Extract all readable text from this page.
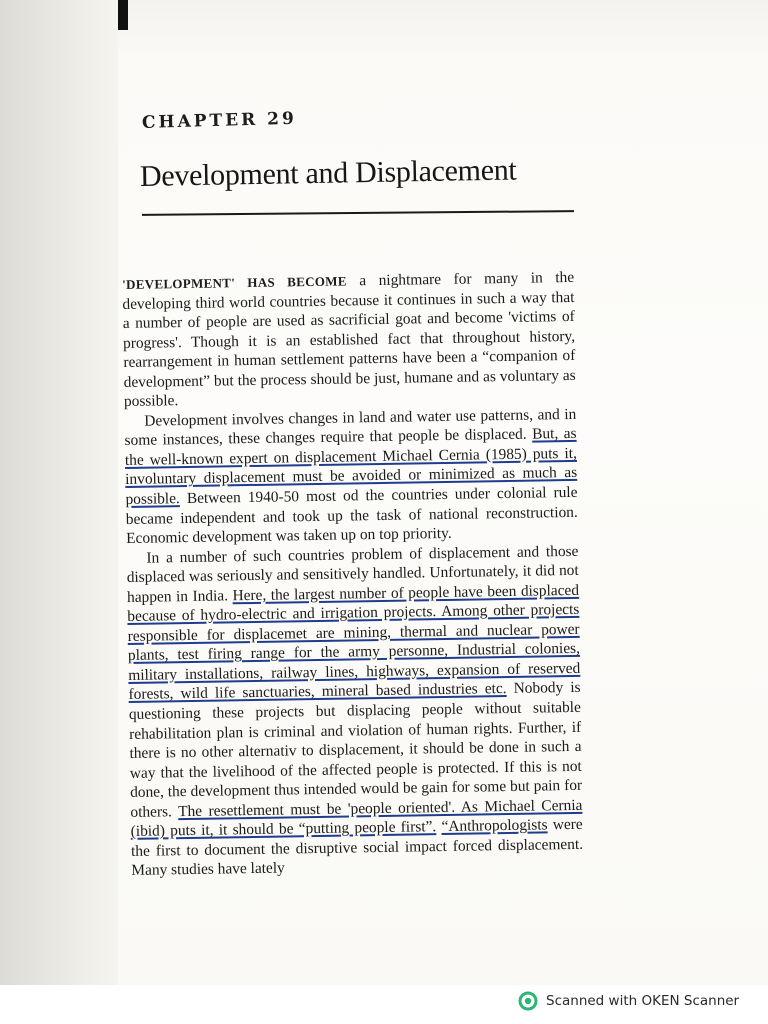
CHAPTER 29
Development and Displacement

'DEVELOPMENT' HAS BECOME a nightmare for many in the developing third world countries because it continues in such a way that a number of people are used as sacrificial goat and become 'victims of progress'. Though it is an established fact that throughout history, rearrangement in human settlement patterns have been a “companion of development” but the process should be just, humane and as voluntary as possible.

Development involves changes in land and water use patterns, and in some instances, these changes require that people be displaced. But, as the well-known expert on displacement Michael Cernia (1985) puts it, involuntary displacement must be avoided or minimized as much as possible. Between 1940-50 most od the countries under colonial rule became independent and took up the task of national reconstruction. Economic development was taken up on top priority.

In a number of such countries problem of displacement and those displaced was seriously and sensitively handled. Unfortunately, it did not happen in India. Here, the largest number of people have been displaced because of hydro-electric and irrigation projects. Among other projects responsible for displacemet are mining, thermal and nuclear power plants, test firing range for the army personne, Industrial colonies, military installations, railway lines, highways, expansion of reserved forests, wild life sanctuaries, mineral based industries etc. Nobody is questioning these projects but displacing people without suitable rehabilitation plan is criminal and violation of human rights. Further, if there is no other alternativ to displacement, it should be done in such a way that the livelihood of the affected people is protected. If this is not done, the development thus intended would be gain for some but pain for others. The resettlement must be 'people oriented'. As Michael Cernia (ibid) puts it, it should be “putting people first”. “Anthropologists were the first to document the disruptive social impact forced displacement. Many studies have lately

Scanned with OKEN Scanner
